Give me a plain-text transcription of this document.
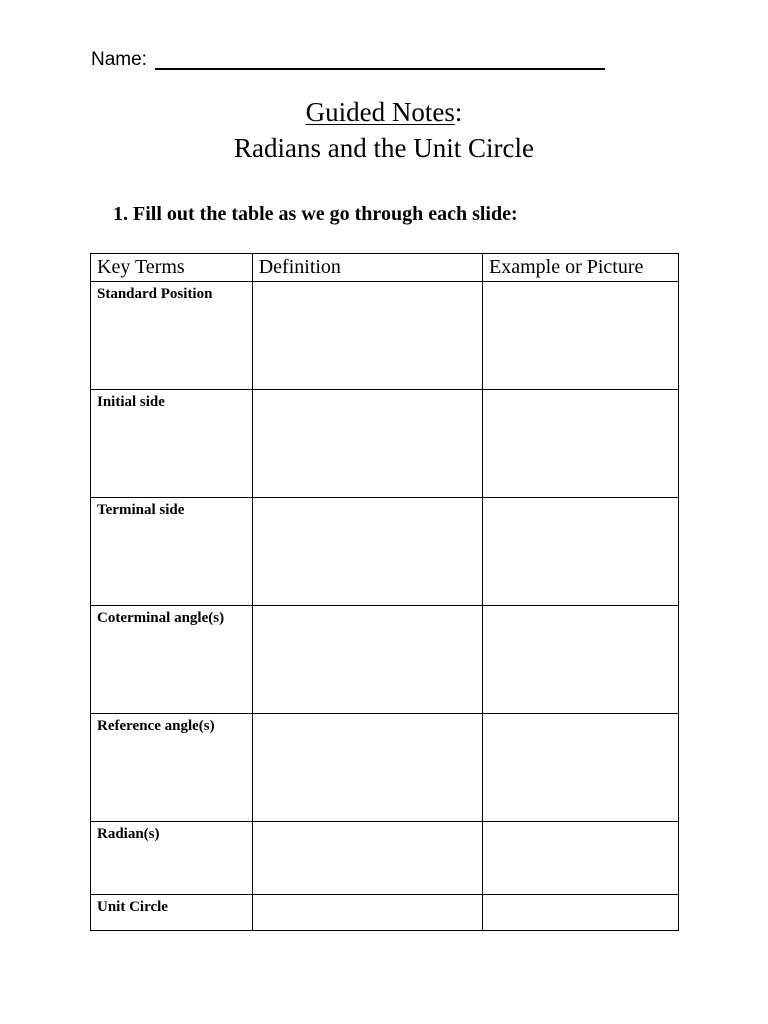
Name:
Guided Notes:
Radians and the Unit Circle
1. Fill out the table as we go through each slide:
Key Terms	Definition	Example or Picture
Standard Position		
Initial side		
Terminal side		
Coterminal angle(s)		
Reference angle(s)		
Radian(s)		
Unit Circle		
